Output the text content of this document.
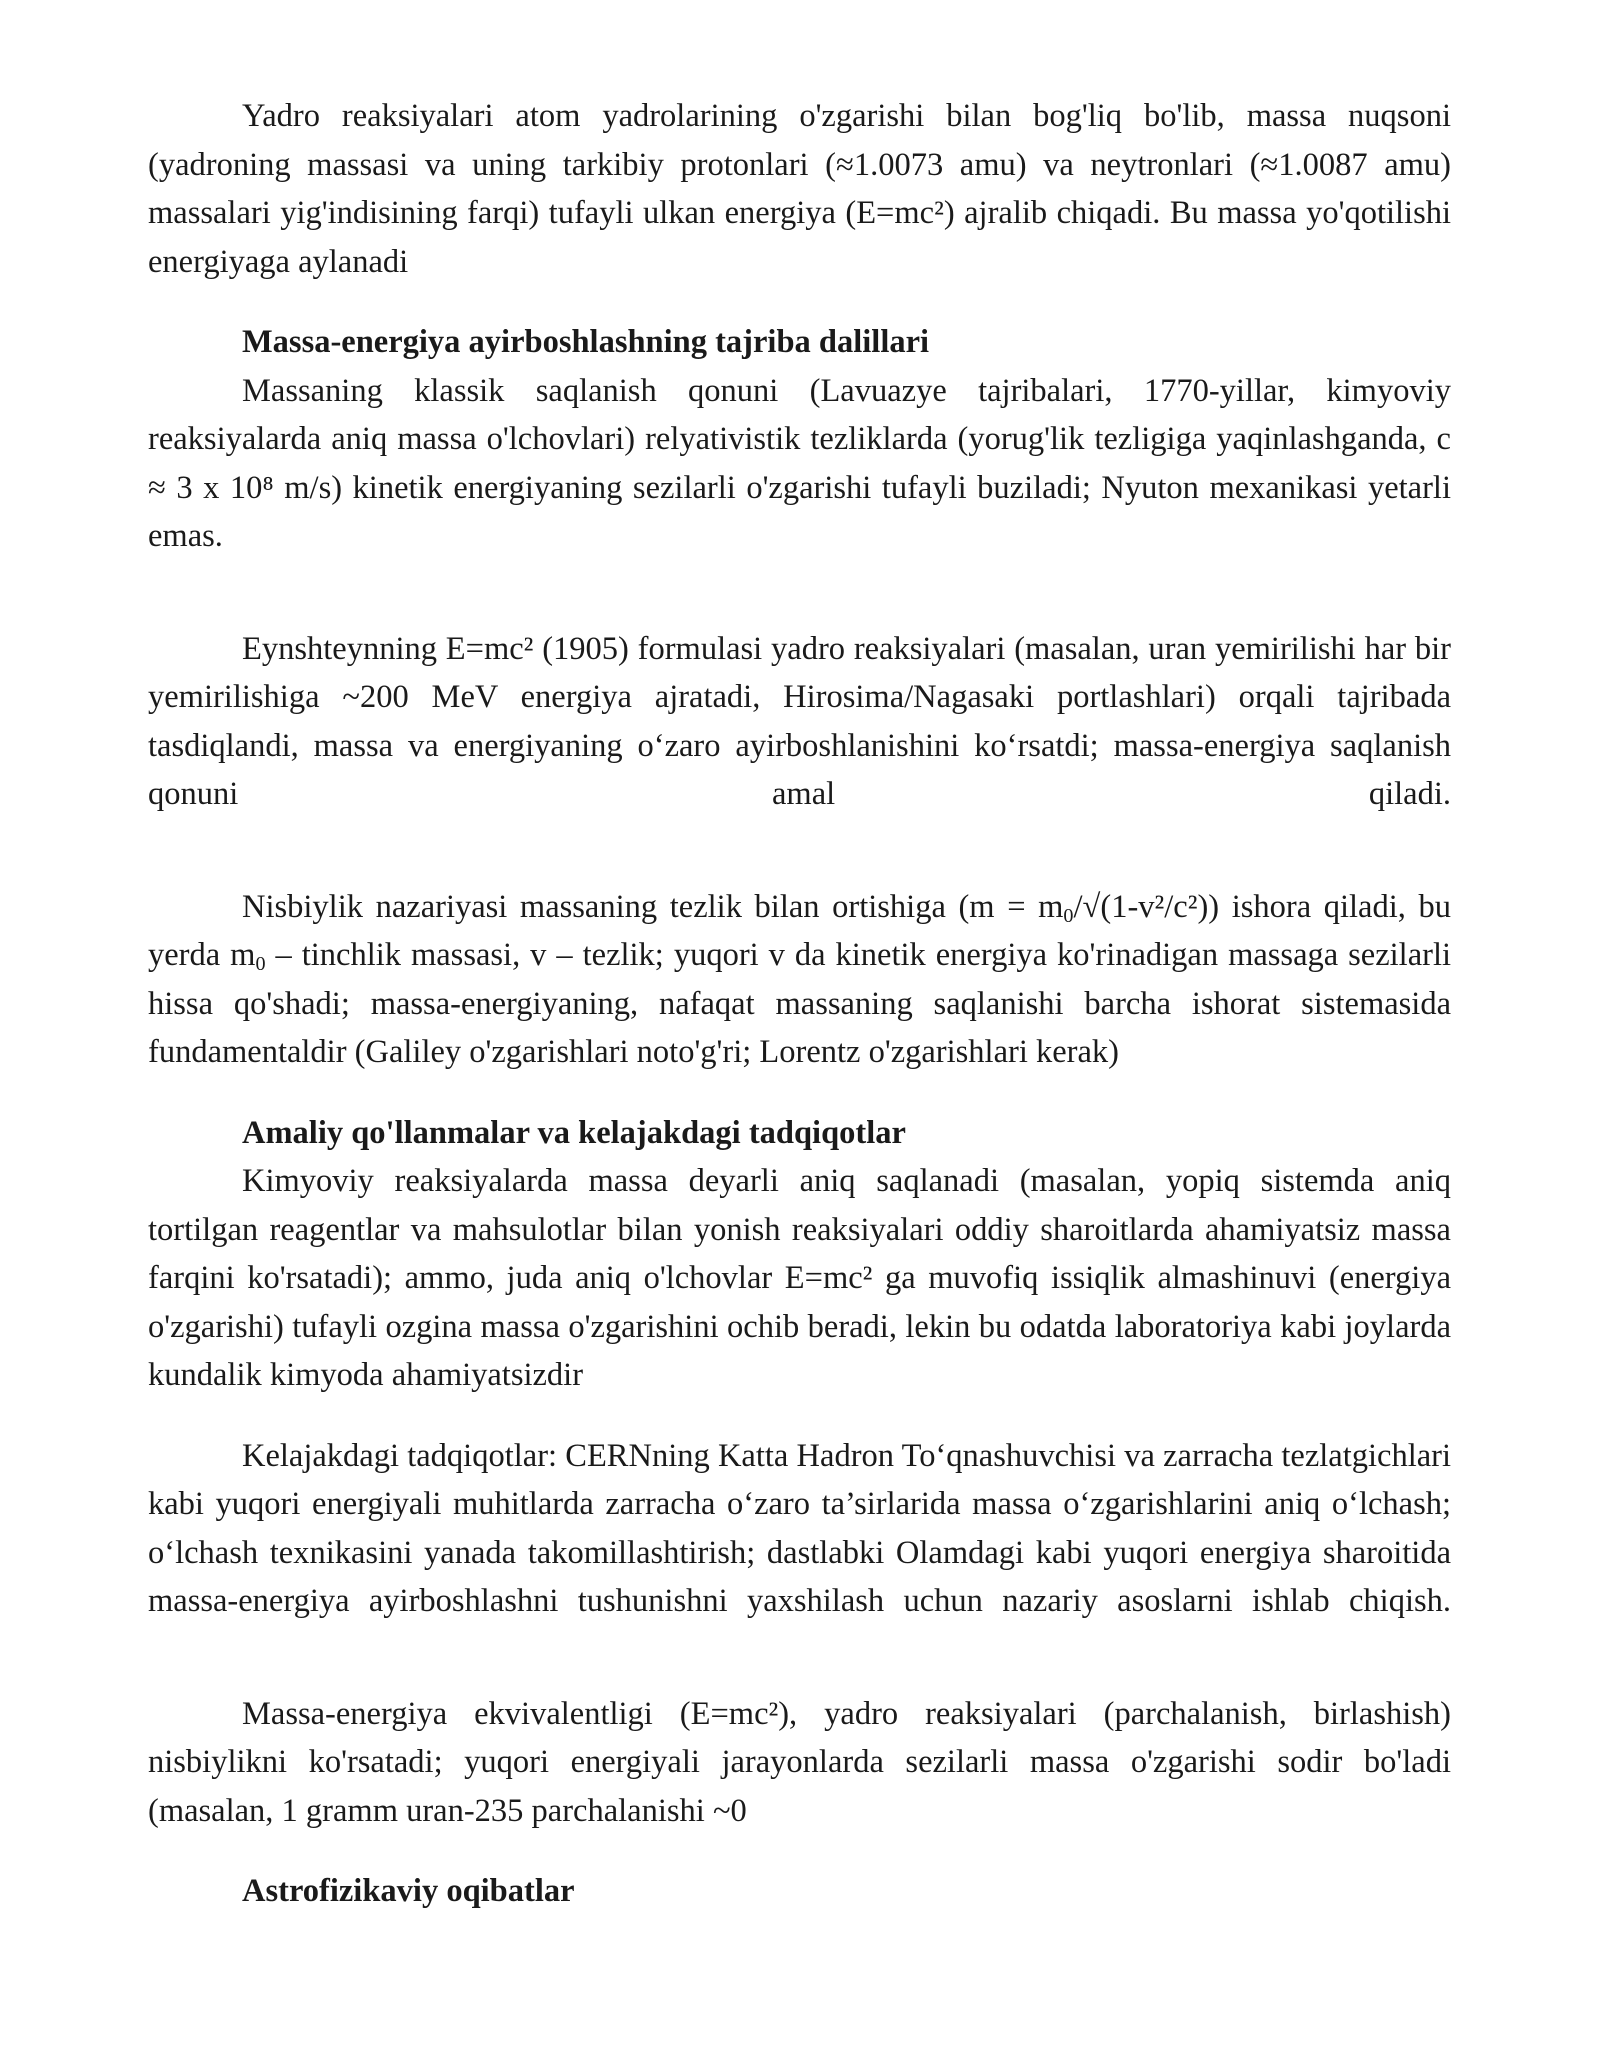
Yadro reaksiyalari atom yadrolarining o'zgarishi bilan bog'liq bo'lib, massa nuqsoni (yadroning massasi va uning tarkibiy protonlari (≈1.0073 amu) va neytronlari (≈1.0087 amu) massalari yig'indisining farqi) tufayli ulkan energiya (E=mc²) ajralib chiqadi. Bu massa yo'qotilishi energiyaga aylanadi

Massa-energiya ayirboshlashning tajriba dalillari

Massaning klassik saqlanish qonuni (Lavuazye tajribalari, 1770-yillar, kimyoviy reaksiyalarda aniq massa o'lchovlari) relyativistik tezliklarda (yorug'lik tezligiga yaqinlashganda, c ≈ 3 x 10⁸ m/s) kinetik energiyaning sezilarli o'zgarishi tufayli buziladi; Nyuton mexanikasi yetarli emas.

Eynshteynning E=mc² (1905) formulasi yadro reaksiyalari (masalan, uran yemirilishi har bir yemirilishiga ~200 MeV energiya ajratadi, Hirosima/Nagasaki portlashlari) orqali tajribada tasdiqlandi, massa va energiyaning o‘zaro ayirboshlanishini ko‘rsatdi; massa-energiya saqlanish qonuni amal qiladi.

Nisbiylik nazariyasi massaning tezlik bilan ortishiga $(m = m_0/√(1-v^2/c^2))$ ishora qiladi, bu yerda $m_0$ – tinchlik massasi, v – tezlik; yuqori v da kinetik energiya ko'rinadigan massaga sezilarli hissa qo'shadi; massa-energiyaning, nafaqat massaning saqlanishi barcha ishorat sistemasida fundamentaldir (Galiley o'zgarishlari noto'g'ri; Lorentz o'zgarishlari kerak)

Amaliy qo'llanmalar va kelajakdagi tadqiqotlar

Kimyoviy reaksiyalarda massa deyarli aniq saqlanadi (masalan, yopiq sistemda aniq tortilgan reagentlar va mahsulotlar bilan yonish reaksiyalari oddiy sharoitlarda ahamiyatsiz massa farqini ko'rsatadi); ammo, juda aniq o'lchovlar E=mc² ga muvofiq issiqlik almashinuvi (energiya o'zgarishi) tufayli ozgina massa o'zgarishini ochib beradi, lekin bu odatda laboratoriya kabi joylarda kundalik kimyoda ahamiyatsizdir

Kelajakdagi tadqiqotlar: CERNning Katta Hadron To‘qnashuvchisi va zarracha tezlatgichlari kabi yuqori energiyali muhitlarda zarracha o‘zaro ta’sirlarida massa o‘zgarishlarini aniq o‘lchash; o‘lchash texnikasini yanada takomillashtirish; dastlabki Olamdagi kabi yuqori energiya sharoitida massa-energiya ayirboshlashni tushunishni yaxshilash uchun nazariy asoslarni ishlab chiqish.

Massa-energiya ekvivalentligi (E=mc²), yadro reaksiyalari (parchalanish, birlashish) nisbiylikni ko'rsatadi; yuqori energiyali jarayonlarda sezilarli massa o'zgarishi sodir bo'ladi (masalan, 1 gramm uran-235 parchalanishi ~0

Astrofizikaviy oqibatlar
